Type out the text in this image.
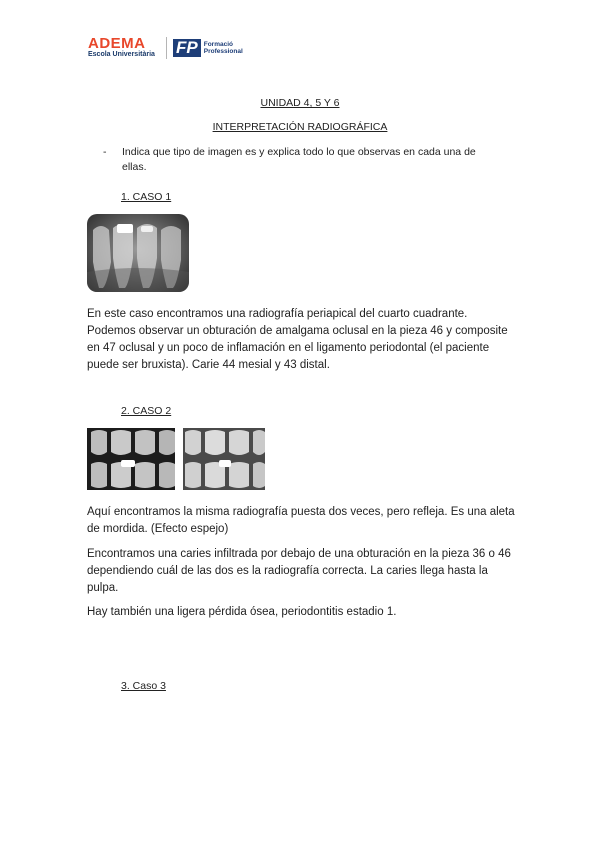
ADEMA
Escola Universitària FP Formació
Professional
UNIDAD 4, 5 Y 6
INTERPRETACIÓN RADIOGRÁFICA
- Indica que tipo de imagen es y explica todo lo que observas en cada una de ellas.
1. CASO 1
En este caso encontramos una radiografía periapical del cuarto cuadrante. Podemos observar un obturación de amalgama oclusal en la pieza 46 y composite en 47 oclusal y un poco de inflamación en el ligamento periodontal (el paciente puede ser bruxista). Carie 44 mesial y 43 distal.
2. CASO 2
Aquí encontramos la misma radiografía puesta dos veces, pero refleja. Es una aleta de mordida. (Efecto espejo)
Encontramos una caries infiltrada por debajo de una obturación en la pieza 36 o 46 dependiendo cuál de las dos es la radiografía correcta. La caries llega hasta la pulpa.
Hay también una ligera pérdida ósea, periodontitis estadio 1.
3. Caso 3
